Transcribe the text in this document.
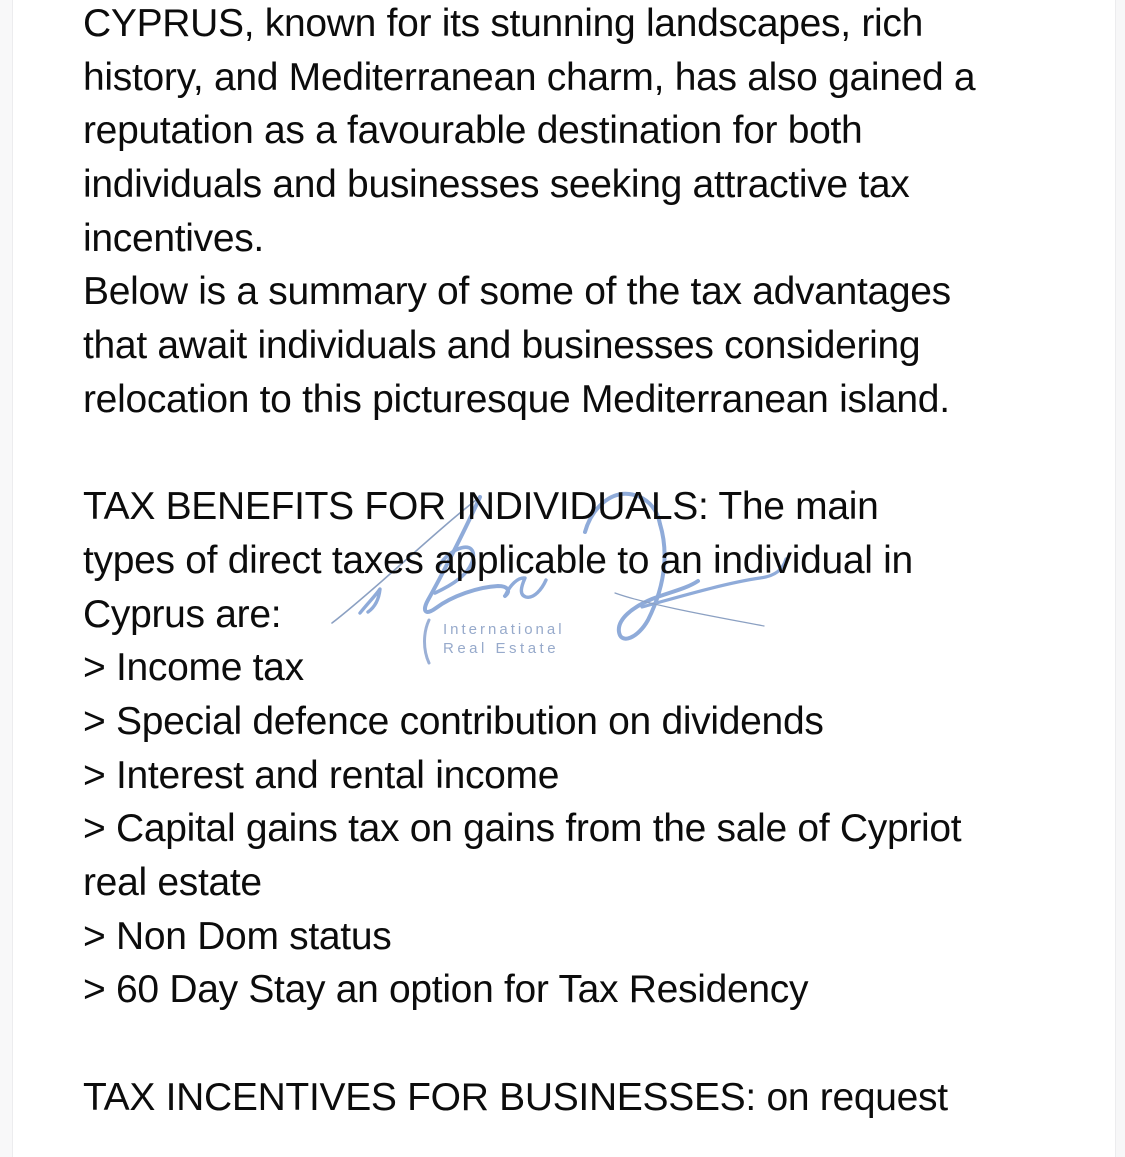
International
Real Estate
CYPRUS, known for its stunning landscapes, rich
history, and Mediterranean charm, has also gained a
reputation as a favourable destination for both
individuals and businesses seeking attractive tax
incentives.
Below is a summary of some of the tax advantages
that await individuals and businesses considering
relocation to this picturesque Mediterranean island.
TAX BENEFITS FOR INDIVIDUALS: The main
types of direct taxes applicable to an individual in
Cyprus are:
> Income tax
> Special defence contribution on dividends
> Interest and rental income
> Capital gains tax on gains from the sale of Cypriot
real estate
> Non Dom status
> 60 Day Stay an option for Tax Residency
TAX INCENTIVES FOR BUSINESSES: on request
